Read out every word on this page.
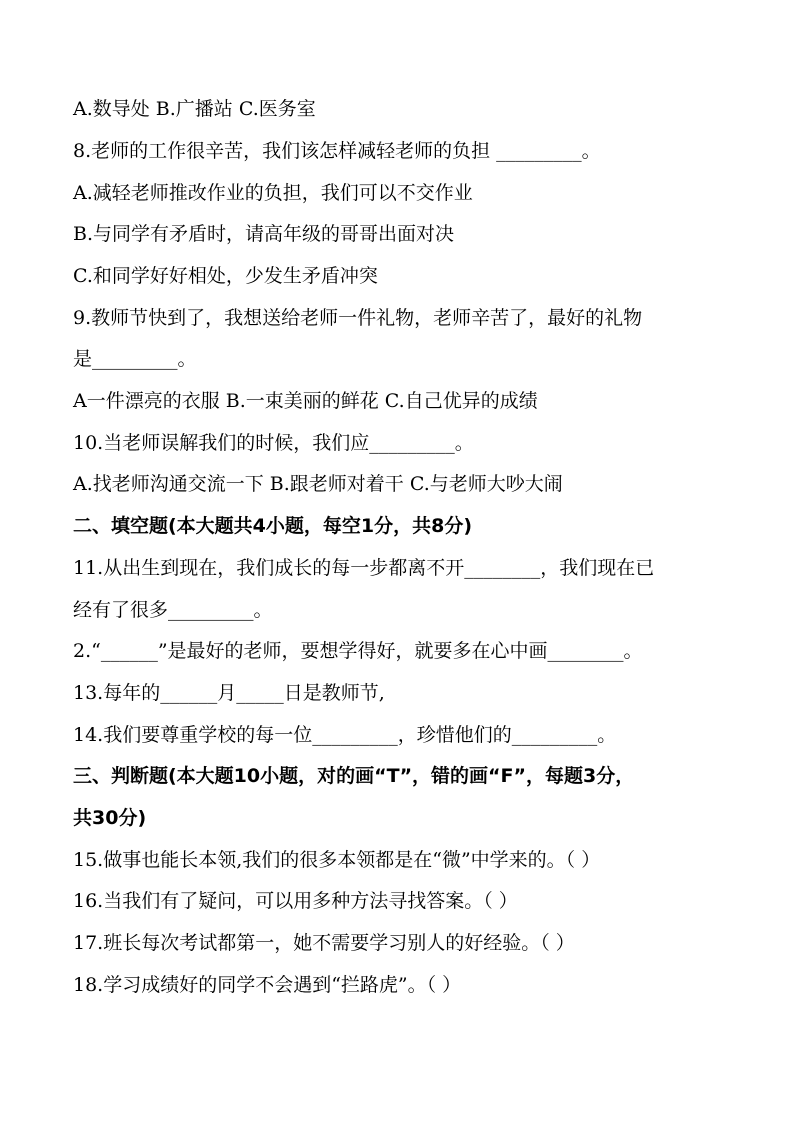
A.数导处 B.广播站 C.医务室
8.老师的工作很辛苦，我们该怎样减轻老师的负担 _________。
A.减轻老师推改作业的负担，我们可以不交作业
B.与同学有矛盾时，请高年级的哥哥出面对决
C.和同学好好相处，少发生矛盾冲突
9.教师节快到了，我想送给老师一件礼物，老师辛苦了，最好的礼物
是_________。
A一件漂亮的衣服 B.一束美丽的鲜花 C.自己优异的成绩
10.当老师误解我们的时候，我们应_________。
A.找老师沟通交流一下 B.跟老师对着干 C.与老师大吵大闹
二、填空题(本大题共4小题，每空1分，共8分)
11.从出生到现在，我们成长的每一步都离不开________，我们现在已
经有了很多_________。
2.“______”是最好的老师，要想学得好，就要多在心中画________。
13.每年的______月_____日是教师节,
14.我们要尊重学校的每一位_________，珍惜他们的_________。
三、判断题(本大题10小题，对的画“T”，错的画“F”，每题3分，
共30分)
15.做事也能长本领,我们的很多本领都是在“微”中学来的。（ ）
16.当我们有了疑问，可以用多种方法寻找答案。（ ）
17.班长每次考试都第一，她不需要学习别人的好经验。（ ）
18.学习成绩好的同学不会遇到“拦路虎”。（ ）
